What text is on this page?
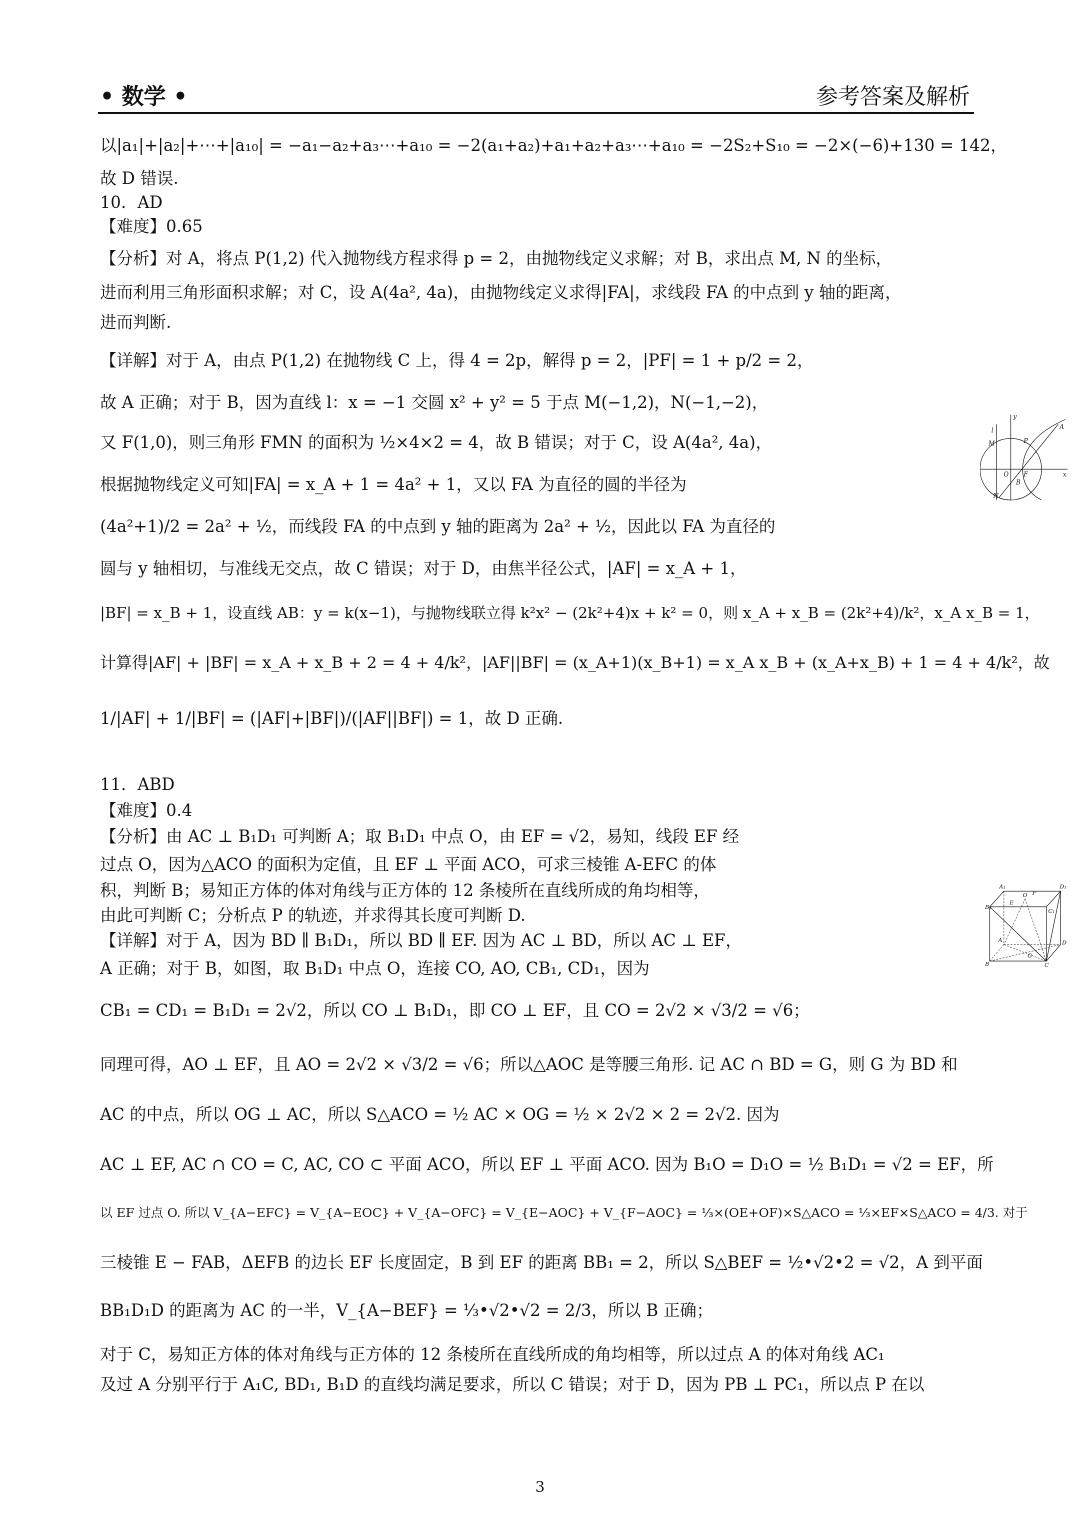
• 数学 •	参考答案及解析
以|a₁|+|a₂|+⋯+|a₁₀| = −a₁−a₂+a₃⋯+a₁₀ = −2(a₁+a₂)+a₁+a₂+a₃⋯+a₁₀ = −2S₂+S₁₀ = −2×(−6)+130 = 142，
故 D 错误.
10．AD
【难度】0.65
【分析】对 A，将点 P(1,2) 代入抛物线方程求得 p = 2，由抛物线定义求解；对 B，求出点 M, N 的坐标，
进而利用三角形面积求解；对 C，设 A(4a², 4a)，由抛物线定义求得|FA|，求线段 FA 的中点到 y 轴的距离，
进而判断.
【详解】对于 A，由点 P(1,2) 在抛物线 C 上，得 4 = 2p，解得 p = 2，|PF| = 1 + p/2 = 2，
故 A 正确；对于 B，因为直线 l：x = −1 交圆 x² + y² = 5 于点 M(−1,2)，N(−1,−2)，
又 F(1,0)，则三角形 FMN 的面积为 ½×4×2 = 4，故 B 错误；对于 C，设 A(4a², 4a)，
根据抛物线定义可知|FA| = x_A + 1 = 4a² + 1，又以 FA 为直径的圆的半径为
(4a²+1)/2 = 2a² + ½，而线段 FA 的中点到 y 轴的距离为 2a² + ½，因此以 FA 为直径的
圆与 y 轴相切，与准线无交点，故 C 错误；对于 D，由焦半径公式，|AF| = x_A + 1，
|BF| = x_B + 1，设直线 AB：y = k(x−1)，与抛物线联立得 k²x² − (2k²+4)x + k² = 0，则 x_A + x_B = (2k²+4)/k²，x_A x_B = 1，
计算得|AF| + |BF| = x_A + x_B + 2 = 4 + 4/k²，|AF||BF| = (x_A+1)(x_B+1) = x_A x_B + (x_A+x_B) + 1 = 4 + 4/k²，故
1/|AF| + 1/|BF| = (|AF|+|BF|)/(|AF||BF|) = 1，故 D 正确.
11．ABD
【难度】0.4
【分析】由 AC ⊥ B₁D₁ 可判断 A；取 B₁D₁ 中点 O，由 EF = √2，易知，线段 EF 经
过点 O，因为△ACO 的面积为定值，且 EF ⊥ 平面 ACO，可求三棱锥 A-EFC 的体
积，判断 B；易知正方体的体对角线与正方体的 12 条棱所在直线所成的角均相等，
由此可判断 C；分析点 P 的轨迹，并求得其长度可判断 D.
【详解】对于 A，因为 BD ∥ B₁D₁，所以 BD ∥ EF. 因为 AC ⊥ BD，所以 AC ⊥ EF，
A 正确；对于 B，如图，取 B₁D₁ 中点 O，连接 CO, AO, CB₁, CD₁，因为
CB₁ = CD₁ = B₁D₁ = 2√2，所以 CO ⊥ B₁D₁，即 CO ⊥ EF，且 CO = 2√2 × √3/2 = √6；
同理可得，AO ⊥ EF，且 AO = 2√2 × √3/2 = √6；所以△AOC 是等腰三角形. 记 AC ∩ BD = G，则 G 为 BD 和
AC 的中点，所以 OG ⊥ AC，所以 S△ACO = ½ AC × OG = ½ × 2√2 × 2 = 2√2. 因为
AC ⊥ EF, AC ∩ CO = C, AC, CO ⊂ 平面 ACO，所以 EF ⊥ 平面 ACO. 因为 B₁O = D₁O = ½ B₁D₁ = √2 = EF，所
以 EF 过点 O. 所以 V_{A−EFC} = V_{A−EOC} + V_{A−OFC} = V_{E−AOC} + V_{F−AOC} = ⅓×(OE+OF)×S△ACO = ⅓×EF×S△ACO = 4/3. 对于
三棱锥 E − FAB，ΔEFB 的边长 EF 长度固定，B 到 EF 的距离 BB₁ = 2，所以 S△BEF = ½•√2•2 = √2，A 到平面
BB₁D₁D 的距离为 AC 的一半，V_{A−BEF} = ⅓•√2•√2 = 2/3，所以 B 正确；
对于 C，易知正方体的体对角线与正方体的 12 条棱所在直线所成的角均相等，所以过点 A 的体对角线 AC₁
及过 A 分别平行于 A₁C, BD₁, B₁D 的直线均满足要求，所以 C 错误；对于 D，因为 PB ⊥ PC₁，所以点 P 在以
y
l
A
M P
O F	x
B
N
A₁	D₁
O F
E
B₁
C₁
A	D
G
B	C
3
